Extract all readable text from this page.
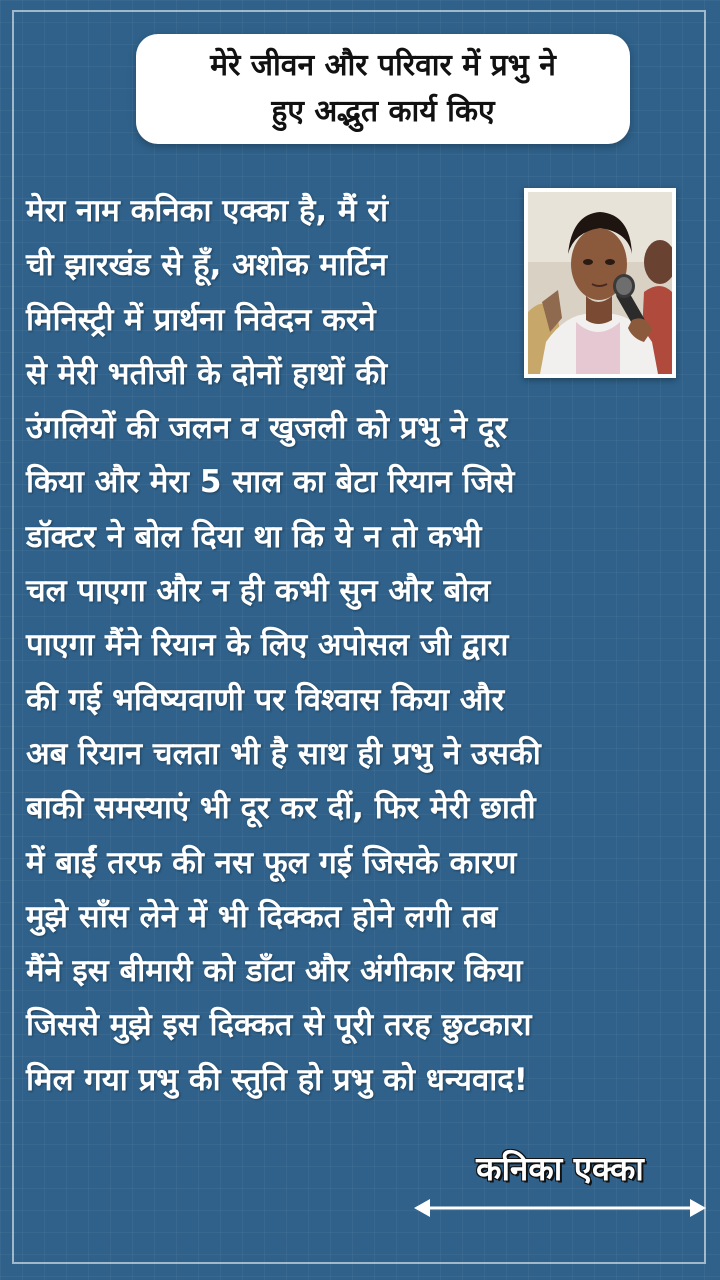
मेरे जीवन और परिवार में प्रभु ने
हुए अद्भुत कार्य किए
मेरा नाम कनिका एक्का है, मैं रां
ची झारखंड से हूँ, अशोक मार्टिन
मिनिस्ट्री में प्रार्थना निवेदन करने
से मेरी भतीजी के दोनों हाथों की
उंगलियों की जलन व खुजली को प्रभु ने दूर
किया और मेरा 5 साल का बेटा रियान जिसे
डॉक्टर ने बोल दिया था कि ये न तो कभी
चल पाएगा और न ही कभी सुन और बोल
पाएगा मैंने रियान के लिए अपोसल जी द्वारा
की गई भविष्यवाणी पर विश्वास किया और
अब रियान चलता भी है साथ ही प्रभु ने उसकी
बाकी समस्याएं भी दूर कर दीं, फिर मेरी छाती
में बाईं तरफ की नस फूल गई जिसके कारण
मुझे साँस लेने में भी दिक्कत होने लगी तब
मैंने इस बीमारी को डाँटा और अंगीकार किया
जिससे मुझे इस दिक्कत से पूरी तरह छुटकारा
मिल गया प्रभु की स्तुति हो प्रभु को धन्यवाद!
कनिका एक्का
